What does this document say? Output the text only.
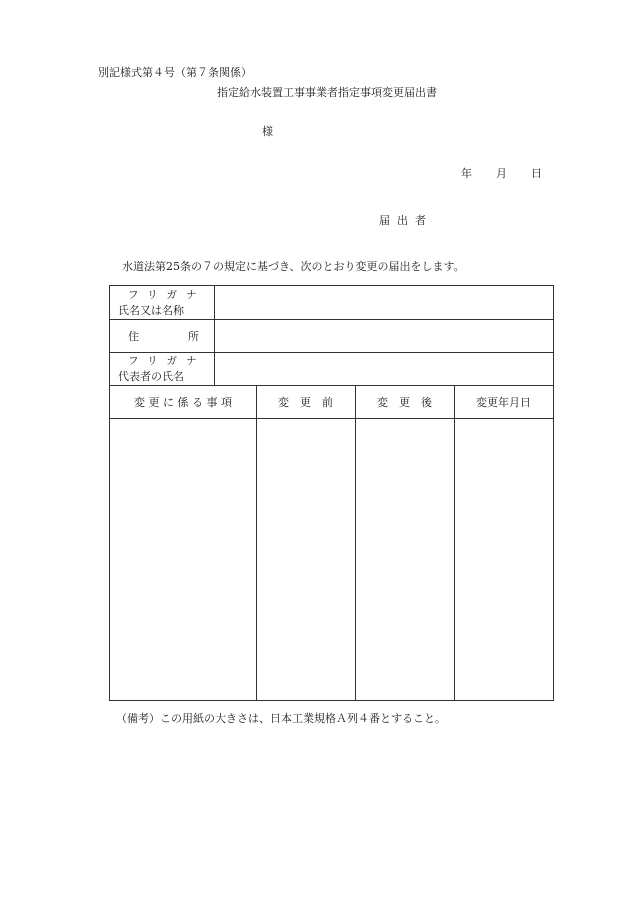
別記様式第４号（第７条関係）
指定給水装置工事事業者指定事項変更届出書
様
年 月 日
届出者
水道法第25条の７の規定に基づき、次のとおり変更の届出をします。
フリガナ
氏名又は名称
住	所
フリガナ
代表者の氏名
変 更 に 係 る 事 項	変　更　前	変　更　後	変更年月日
（備考）この用紙の大きさは、日本工業規格Ａ列４番とすること。
